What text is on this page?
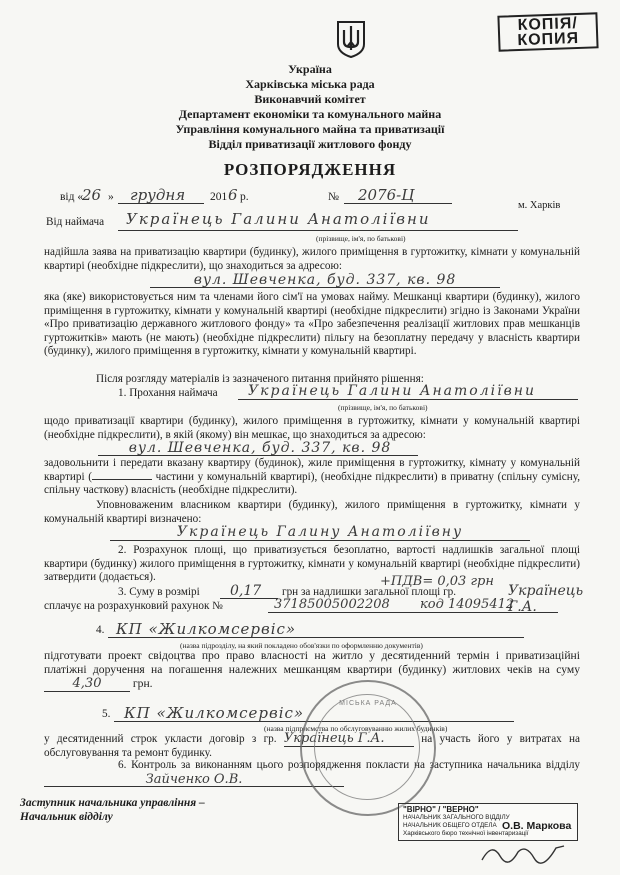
КОПІЯ/
КОПИЯ
Україна
Харківська міська рада
Виконавчий комітет
Департамент економіки та комунального майна
Управління комунального майна та приватизації
Відділ приватизації житлового фонду
РОЗПОРЯДЖЕННЯ
від «
26 » грудня 201 6 р.	№ 2076-Ц
м. Харків
Від наймача Українець Галини Анатоліївни
(прізвище, ім'я, по батькові)
надійшла заява на приватизацію квартири (будинку), жилого приміщення в гуртожитку, кімнати у комунальній квартирі (необхідне підкреслити), що знаходиться за адресою:
вул. Шевченка, буд. 337, кв. 98
яка (яке) використовується ним та членами його сім'ї на умовах найму. Мешканці квартири (будинку), жилого приміщення в гуртожитку, кімнати у комунальній квартирі (необхідне підкреслити) згідно із Законами України «Про приватизацію державного житлового фонду» та «Про забезпечення реалізації житлових прав мешканців гуртожитків» мають (не мають) (необхідне підкреслити) пільгу на безоплатну передачу у власність квартири (будинку), жилого приміщення в гуртожитку, кімнати у комунальній квартирі.
Після розгляду матеріалів із зазначеного питання прийнято рішення:
1. Прохання наймача Українець Галини Анатоліївни
(прізвище, ім'я, по батькові)
щодо приватизації квартири (будинку), жилого приміщення в гуртожитку, кімнати у комунальній квартирі (необхідне підкреслити), в якій (якому) він мешкає, що знаходиться за адресою:
вул. Шевченка, буд. 337, кв. 98
задовольнити і передати вказану квартиру (будинок), жиле приміщення в гуртожитку, кімнату у комунальній квартирі (	частини у комунальній квартирі), (необхідне підкреслити) в приватну (спільну сумісну, спільну часткову) власність (необхідне підкреслити).
Уповноваженим власником квартири (будинку), жилого приміщення в гуртожитку, кімнати у комунальній квартирі визначено:
Українець Галину Анатоліївну
2. Розрахунок площі, що приватизується безоплатно, вартості надлишків загальної площі квартири (будинку) жилого приміщення в гуртожитку, кімнати у комунальній квартирі (необхідне підкреслити) затвердити (додається).	+ПДВ= 0,03 грн
3. Суму в розмірі 0,17 грн за надлишки загальної площі гр.	Українець Г.А.
сплачує на розрахунковий рахунок №	37185005002208 код 14095412
4. КП «Жилкомсервіс»
(назва підрозділу, на який покладено обов'язки по оформленню документів)
підготувати проект свідоцтва про право власності на житло у десятиденний термін і приватизаційні платіжні доручення на погашення належних мешканцям квартири (будинку) житлових чеків на суму 4,30	грн.
5. КП «Жилкомсервіс»
(назва підприємства по обслуговуванню жилих будинків)
у десятиденний строк укласти договір з гр. Українець Г.А.	на участь його у витратах на обслуговування та ремонт будинку.
6. Контроль за виконанням цього розпорядження покласти на заступника начальника відділу Зайченко О.В.
МІСЬКА РАДА
Заступник начальника управління –
Начальник відділу
"ВІРНО" / "ВЕРНО"
НАЧАЛЬНИК ЗАГАЛЬНОГО ВІДДІЛУ
НАЧАЛЬНИК ОБЩЕГО ОТДЕЛА
Харківського бюро технічної інвентаризації
О.В. Маркова
